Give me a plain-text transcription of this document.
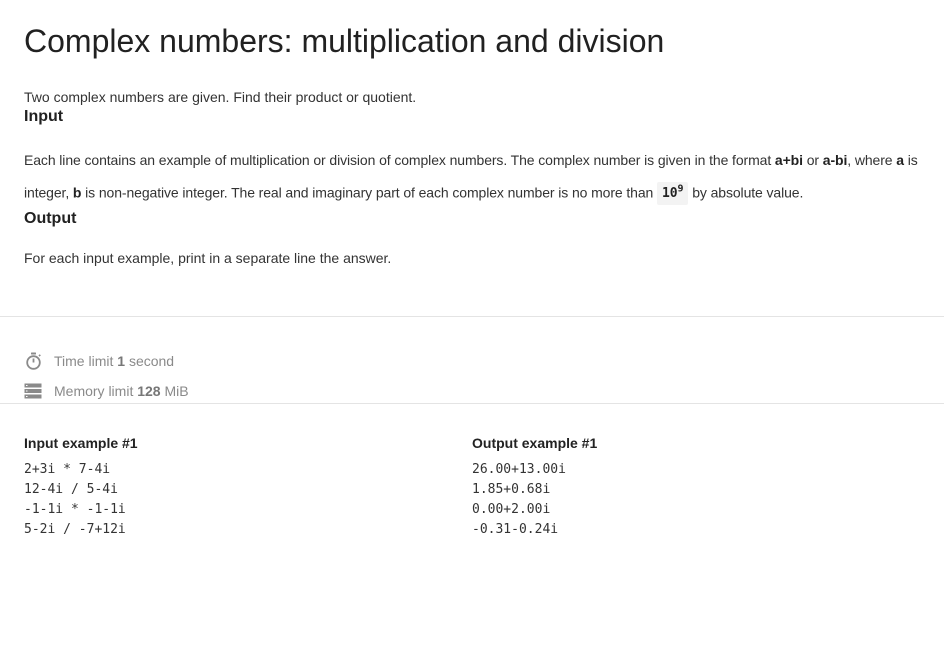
Complex numbers: multiplication and division
Two complex numbers are given. Find their product or quotient.
Input
Each line contains an example of multiplication or division of complex numbers. The complex number is given in the format a+bi or a-bi, where a is integer, b is non-negative integer. The real and imaginary part of each complex number is no more than $10^9$ by absolute value.
Output
For each input example, print in a separate line the answer.
Time limit
1
second
Memory limit
128
MiB
Input example #1
2+3i * 7-4i
12-4i / 5-4i
-1-1i * -1-1i
5-2i / -7+12i
Output example #1
26.00+13.00i
1.85+0.68i
0.00+2.00i
-0.31-0.24i
